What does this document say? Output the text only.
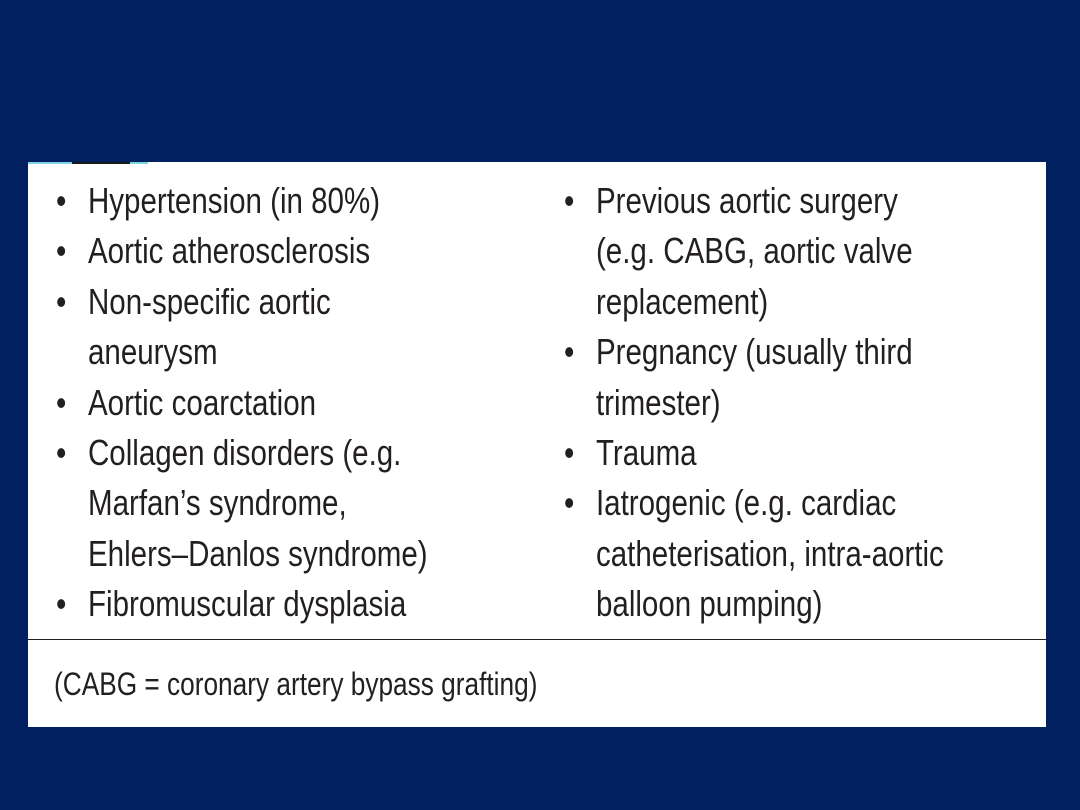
• Hypertension (in 80%)
• Aortic atherosclerosis
• Non-specific aortic
aneurysm
• Aortic coarctation
• Collagen disorders (e.g.
Marfan’s syndrome,
Ehlers–Danlos syndrome)
• Fibromuscular dysplasia
• Previous aortic surgery
(e.g. CABG, aortic valve
replacement)
• Pregnancy (usually third
trimester)
• Trauma
• Iatrogenic (e.g. cardiac
catheterisation, intra-aortic
balloon pumping)
(CABG = coronary artery bypass grafting)
